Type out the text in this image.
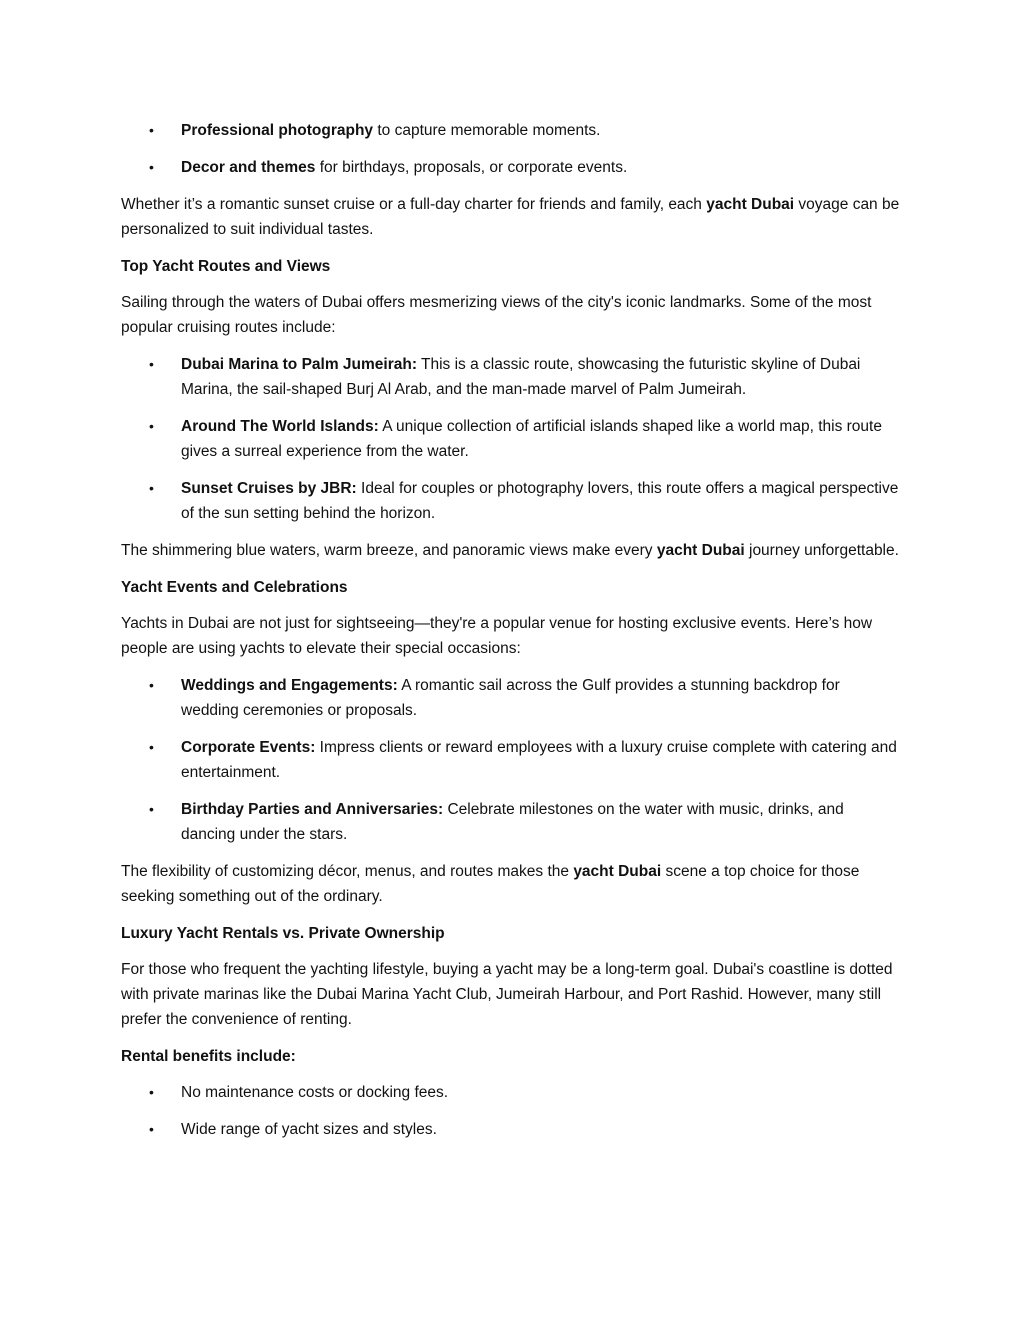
• Professional photography to capture memorable moments.
• Decor and themes for birthdays, proposals, or corporate events.

Whether it’s a romantic sunset cruise or a full-day charter for friends and family, each yacht Dubai voyage can be personalized to suit individual tastes.

Top Yacht Routes and Views

Sailing through the waters of Dubai offers mesmerizing views of the city's iconic landmarks. Some of the most popular cruising routes include:

• Dubai Marina to Palm Jumeirah: This is a classic route, showcasing the futuristic skyline of Dubai Marina, the sail-shaped Burj Al Arab, and the man-made marvel of Palm Jumeirah.
• Around The World Islands: A unique collection of artificial islands shaped like a world map, this route gives a surreal experience from the water.
• Sunset Cruises by JBR: Ideal for couples or photography lovers, this route offers a magical perspective of the sun setting behind the horizon.

The shimmering blue waters, warm breeze, and panoramic views make every yacht Dubai journey unforgettable.

Yacht Events and Celebrations

Yachts in Dubai are not just for sightseeing—they're a popular venue for hosting exclusive events. Here’s how people are using yachts to elevate their special occasions:

• Weddings and Engagements: A romantic sail across the Gulf provides a stunning backdrop for wedding ceremonies or proposals.
• Corporate Events: Impress clients or reward employees with a luxury cruise complete with catering and entertainment.
• Birthday Parties and Anniversaries: Celebrate milestones on the water with music, drinks, and dancing under the stars.

The flexibility of customizing décor, menus, and routes makes the yacht Dubai scene a top choice for those seeking something out of the ordinary.

Luxury Yacht Rentals vs. Private Ownership

For those who frequent the yachting lifestyle, buying a yacht may be a long-term goal. Dubai's coastline is dotted with private marinas like the Dubai Marina Yacht Club, Jumeirah Harbour, and Port Rashid. However, many still prefer the convenience of renting.

Rental benefits include:

• No maintenance costs or docking fees.
• Wide range of yacht sizes and styles.
